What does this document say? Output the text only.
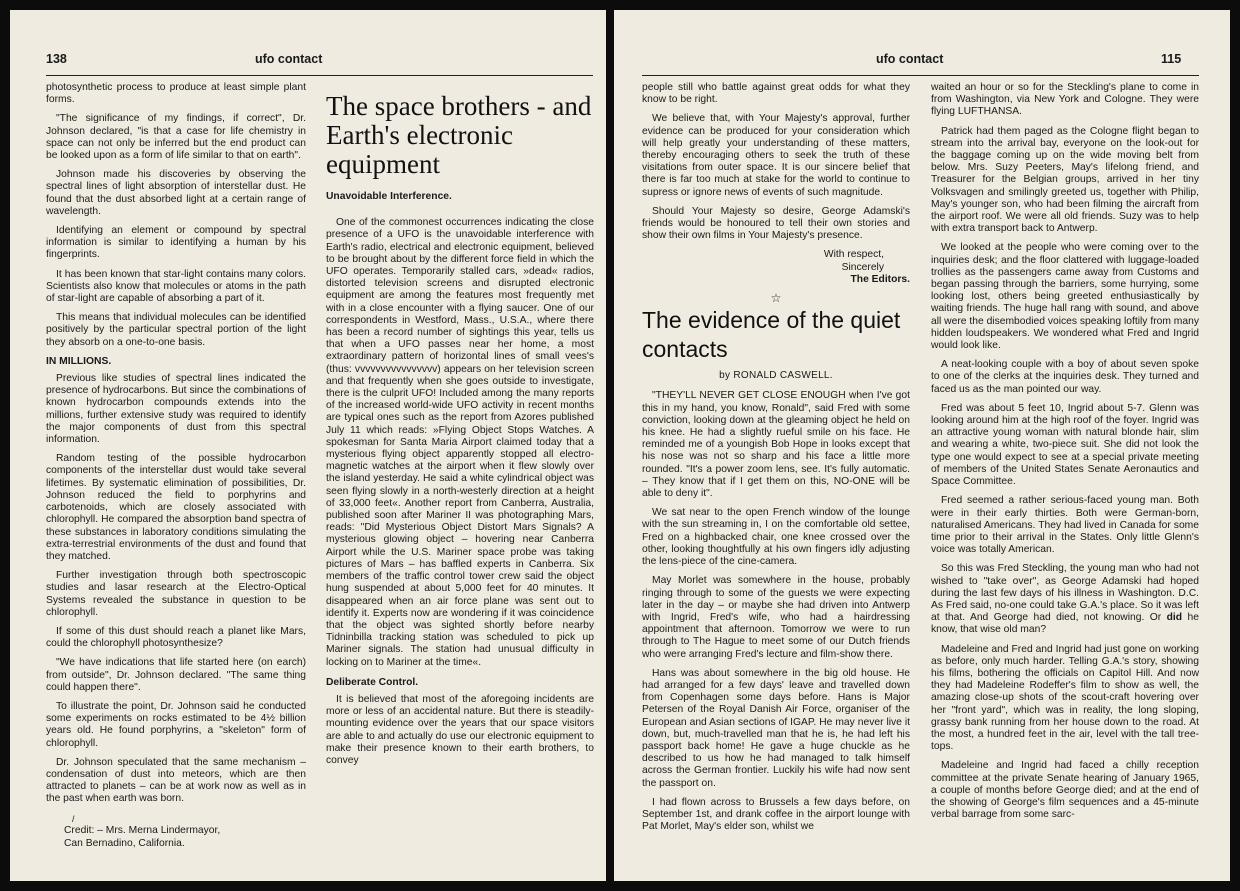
138	ufo contact

photosynthetic process to produce at least simple plant forms.

"The significance of my findings, if correct", Dr. Johnson declared, "is that a case for life chemistry in space can not only be inferred but the end product can be looked upon as a form of life similar to that on earth".

Johnson made his discoveries by observing the spectral lines of light absorption of interstellar dust. He found that the dust absorbed light at a certain range of wavelength.

Identifying an element or compound by spectral information is similar to identifying a human by his fingerprints.

It has been known that star-light contains many colors. Scientists also know that molecules or atoms in the path of star-light are capable of absorbing a part of it.

This means that individual molecules can be identified positively by the particular spectral portion of the light they absorb on a one-to-one basis.

IN MILLIONS.

Previous like studies of spectral lines indicated the presence of hydrocarbons. But since the combinations of known hydrocarbon compounds extends into the millions, further extensive study was required to identify the major components of dust from this spectral information.

Random testing of the possible hydrocarbon components of the interstellar dust would take several lifetimes. By systematic elimination of possibilities, Dr. Johnson reduced the field to porphyrins and carbotenoids, which are closely associated with chlorophyll. He compared the absorption band spectra of these substances in laboratory conditions simulating the extra-terrestrial environments of the dust and found that they matched.

Further investigation through both spectroscopic studies and lasar research at the Electro-Optical Systems revealed the substance in question to be chlorophyll.

If some of this dust should reach a planet like Mars, could the chlorophyll photosynthesize?

"We have indications that life started here (on earch) from outside", Dr. Johnson declared. "The same thing could happen there".

To illustrate the point, Dr. Johnson said he conducted some experiments on rocks estimated to be 4½ billion years old. He found porphyrins, a "skeleton" form of chlorophyll.

Dr. Johnson speculated that the same mechanism – condensation of dust into meteors, which are then attracted to planets – can be at work now as well as in the past when earth was born.

/
Credit: – Mrs. Merna Lindermayor,
Can Bernadino, California.
The space brothers - and Earth's electronic equipment
Unavoidable Interference.

One of the commonest occurrences indicating the close presence of a UFO is the unavoidable interference with Earth's radio, electrical and electronic equipment, believed to be brought about by the different force field in which the UFO operates. Temporarily stalled cars, »dead« radios, distorted television screens and disrupted electronic equipment are among the features most frequently met with in a close encounter with a flying saucer. One of our correspondents in Westford, Mass., U.S.A., where there has been a record number of sightings this year, tells us that when a UFO passes near her home, a most extraordinary pattern of horizontal lines of small vees's (thus: vvvvvvvvvvvvvvvv) appears on her television screen and that frequently when she goes outside to investigate, there is the culprit UFO! Included among the many reports of the increased world-wide UFO activity in recent months are typical ones such as the report from Azores published July 11 which reads: »Flying Object Stops Watches. A spokesman for Santa Maria Airport claimed today that a mysterious flying object apparently stopped all electro-magnetic watches at the airport when it flew slowly over the island yesterday. He said a white cylindrical object was seen flying slowly in a north-westerly direction at a height of 33,000 feet«. Another report from Canberra, Australia, published soon after Mariner II was photographing Mars, reads: "Did Mysterious Object Distort Mars Signals? A mysterious glowing object – hovering near Canberra Airport while the U.S. Mariner space probe was taking pictures of Mars – has baffled experts in Canberra. Six members of the traffic control tower crew said the object hung suspended at about 5,000 feet for 40 minutes. It disappeared when an air force plane was sent out to identify it. Experts now are wondering if it was coincidence that the object was sighted shortly before nearby Tidninbilla tracking station was scheduled to pick up Mariner signals. The station had unusual difficulty in locking on to Mariner at the time«.

Deliberate Control.

It is believed that most of the aforegoing incidents are more or less of an accidental nature. But there is steadily-mounting evidence over the years that our space visitors are able to and actually do use our electronic equipment to make their presence known to their earth brothers, to convey

ufo contact	115

people still who battle against great odds for what they know to be right.

We believe that, with Your Majesty's approval, further evidence can be produced for your consideration which will help greatly your understanding of these matters, thereby encouraging others to seek the truth of these visitations from outer space. It is our sincere belief that there is far too much at stake for the world to continue to supress or ignore news of events of such magnitude.

Should Your Majesty so desire, George Adamski's friends would be honoured to tell their own stories and show their own films in Your Majesty's presence.

With respect,
Sincerely
The Editors.
☆
The evidence of the quiet contacts
by RONALD CASWELL.

"THEY'LL NEVER GET CLOSE ENOUGH when I've got this in my hand, you know, Ronald", said Fred with some conviction, looking down at the gleaming object he held on his knee. He had a slightly rueful smile on his face. He reminded me of a youngish Bob Hope in looks except that his nose was not so sharp and his face a little more rounded. "It's a power zoom lens, see. It's fully automatic. – They know that if I get them on this, NO-ONE will be able to deny it".

We sat near to the open French window of the lounge with the sun streaming in, I on the comfortable old settee, Fred on a highbacked chair, one knee crossed over the other, looking thoughtfully at his own fingers idly adjusting the lens-piece of the cine-camera.

May Morlet was somewhere in the house, probably ringing through to some of the guests we were expecting later in the day – or maybe she had driven into Antwerp with Ingrid, Fred's wife, who had a hairdressing appointment that afternoon. Tomorrow we were to run through to The Hague to meet some of our Dutch friends who were arranging Fred's lecture and film-show there.

Hans was about somewhere in the big old house. He had arranged for a few days' leave and travelled down from Copenhagen some days before. Hans is Major Petersen of the Royal Danish Air Force, organiser of the European and Asian sections of IGAP. He may never live it down, but, much-travelled man that he is, he had left his passport back home! He gave a huge chuckle as he described to us how he had managed to talk himself across the German frontier. Luckily his wife had now sent the passport on.

I had flown across to Brussels a few days before, on September 1st, and drank coffee in the airport lounge with Pat Morlet, May's elder son, whilst we

waited an hour or so for the Steckling's plane to come in from Washington, via New York and Cologne. They were flying LUFTHANSA.

Patrick had them paged as the Cologne flight began to stream into the arrival bay, everyone on the look-out for the baggage coming up on the wide moving belt from below. Mrs. Suzy Peeters, May's lifelong friend, and Treasurer for the Belgian groups, arrived in her tiny Volksvagen and smilingly greeted us, together with Philip, May's younger son, who had been filming the aircraft from the airport roof. We were all old friends. Suzy was to help with extra transport back to Antwerp.

We looked at the people who were coming over to the inquiries desk; and the floor clattered with luggage-loaded trollies as the passengers came away from Customs and began passing through the barriers, some hurrying, some looking lost, others being greeted enthusiastically by waiting friends. The huge hall rang with sound, and above all were the disembodied voices speaking loftily from many hidden loudspeakers. We wondered what Fred and Ingrid would look like.

A neat-looking couple with a boy of about seven spoke to one of the clerks at the inquiries desk. They turned and faced us as the man pointed our way.

Fred was about 5 feet 10, Ingrid about 5-7. Glenn was looking around him at the high roof of the foyer. Ingrid was an attractive young woman with natural blonde hair, slim and wearing a white, two-piece suit. She did not look the type one would expect to see at a special private meeting of members of the United States Senate Aeronautics and Space Committee.

Fred seemed a rather serious-faced young man. Both were in their early thirties. Both were German-born, naturalised Americans. They had lived in Canada for some time prior to their arrival in the States. Only little Glenn's voice was totally American.

So this was Fred Steckling, the young man who had not wished to "take over", as George Adamski had hoped during the last few days of his illness in Washington. D.C. As Fred said, no-one could take G.A.'s place. So it was left at that. And George had died, not knowing. Or did he know, that wise old man?

Madeleine and Fred and Ingrid had just gone on working as before, only much harder. Telling G.A.'s story, showing his films, bothering the officials on Capitol Hill. And now they had Madeleine Rodeffer's film to show as well, the amazing close-up shots of the scout-craft hovering over her "front yard", which was in reality, the long sloping, grassy bank running from her house down to the road. At the most, a hundred feet in the air, level with the tall tree-tops.

Madeleine and Ingrid had faced a chilly reception committee at the private Senate hearing of January 1965, a couple of months before George died; and at the end of the showing of George's film sequences and a 45-minute verbal barrage from some sarc-
